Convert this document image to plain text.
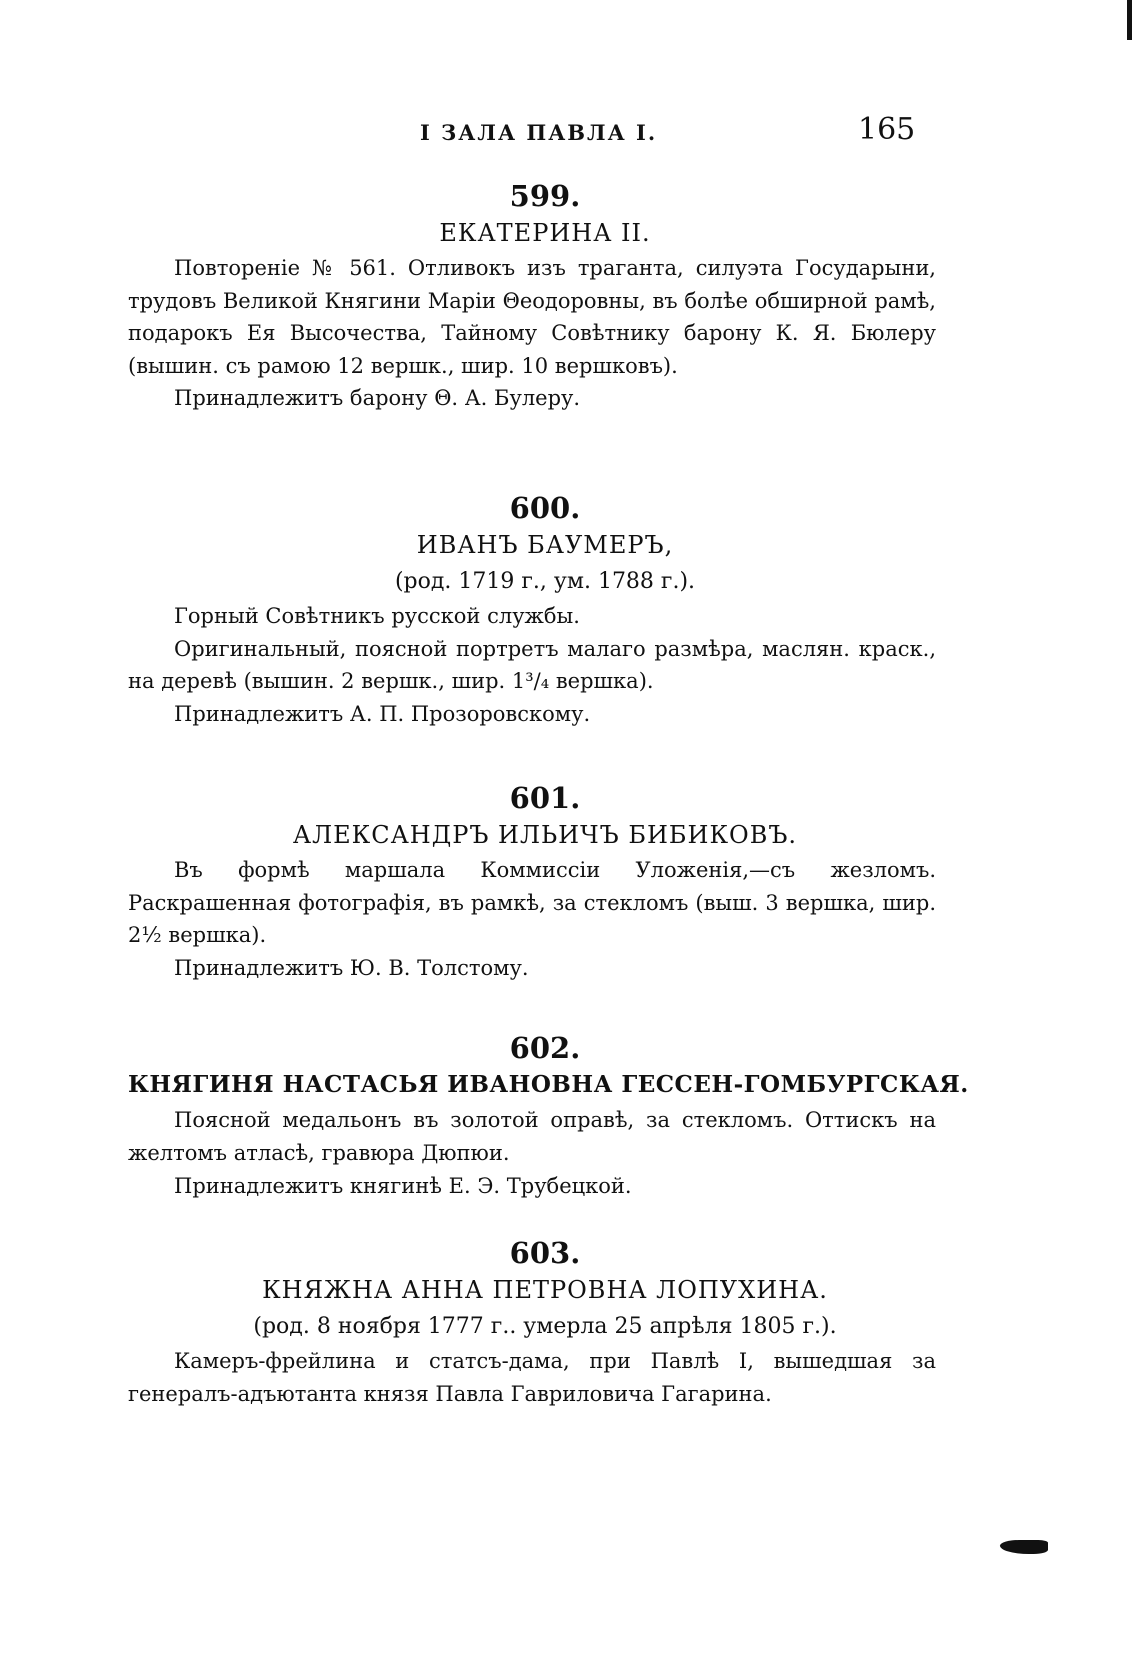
I ЗАЛА ПАВЛА I.	165
599.
ЕКАТЕРИНА II.

Повторенiе № 561. Отливокъ изъ траганта, силуэта Государыни, трудовъ Великой Княгини Марiи Θеодоровны, въ болѣе обширной рамѣ, подарокъ Ея Высочества, Тайному Совѣтнику барону К. Я. Бюлеру (вышин. съ рамою 12 вершк., шир. 10 вершковъ).

Принадлежитъ барону Θ. А. Булеру.
600.
ИВАНЪ БАУМЕРЪ,
(род. 1719 г., ум. 1788 г.).

Горный Совѣтникъ русской службы.

Оригинальный, поясной портретъ малаго размѣра, маслян. краск., на деревѣ (вышин. 2 вершк., шир. 1³/₄ вершка).

Принадлежитъ А. П. Прозоровскому.
601.
АЛЕКСАНДРЪ ИЛЬИЧЪ БИБИКОВЪ.

Въ формѣ маршала Коммиссiи Уложенiя,—съ жезломъ. Раскрашенная фотографiя, въ рамкѣ, за стекломъ (выш. 3 вершка, шир. 2½ вершка).

Принадлежитъ Ю. В. Толстому.
602.
КНЯГИНЯ НАСТАСЬЯ ИВАНОВНА ГЕССЕН-ГОМБУРГСКАЯ.

Поясной медальонъ въ золотой оправѣ, за стекломъ. Оттискъ на желтомъ атласѣ, гравюра Дюпюи.

Принадлежитъ княгинѣ Е. Э. Трубецкой.
603.
КНЯЖНА АННА ПЕТРОВНА ЛОПУХИНА.
(род. 8 ноября 1777 г.. умерла 25 апрѣля 1805 г.).

Камеръ-фрейлина и статсъ-дама, при Павлѣ I, вышедшая за генералъ-адъютанта князя Павла Гавриловича Гагарина.
